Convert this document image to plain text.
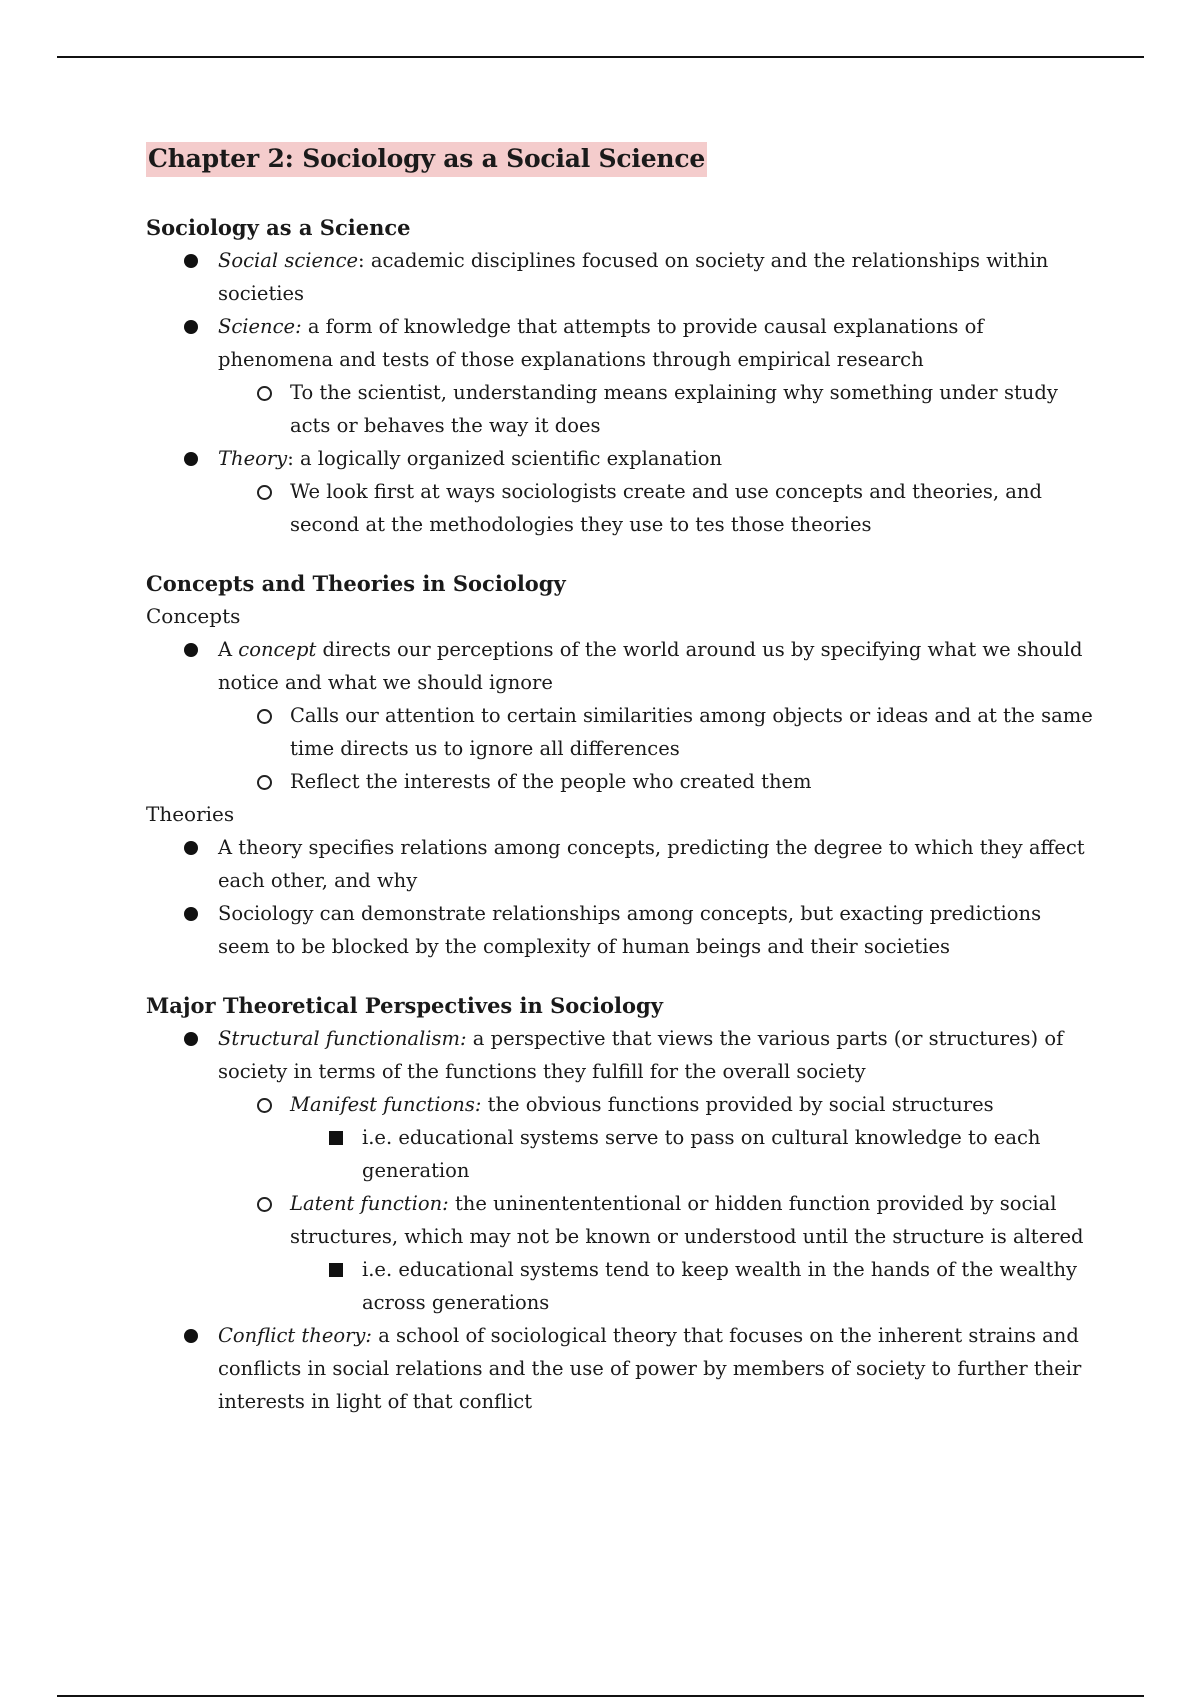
Chapter 2: Sociology as a Social Science
Sociology as a Science
Social science: academic disciplines focused on society and the relationships within societies
Science: a form of knowledge that attempts to provide causal explanations of phenomena and tests of those explanations through empirical research
To the scientist, understanding means explaining why something under study acts or behaves the way it does
Theory: a logically organized scientific explanation
We look first at ways sociologists create and use concepts and theories, and second at the methodologies they use to tes those theories
Concepts and Theories in Sociology
Concepts
A concept directs our perceptions of the world around us by specifying what we should notice and what we should ignore
Calls our attention to certain similarities among objects or ideas and at the same time directs us to ignore all differences
Reflect the interests of the people who created them
Theories
A theory specifies relations among concepts, predicting the degree to which they affect each other, and why
Sociology can demonstrate relationships among concepts, but exacting predictions seem to be blocked by the complexity of human beings and their societies
Major Theoretical Perspectives in Sociology
Structural functionalism: a perspective that views the various parts (or structures) of society in terms of the functions they fulfill for the overall society
Manifest functions: the obvious functions provided by social structures
i.e. educational systems serve to pass on cultural knowledge to each generation
Latent function: the uninentententional or hidden function provided by social structures, which may not be known or understood until the structure is altered
i.e. educational systems tend to keep wealth in the hands of the wealthy across generations
Conflict theory: a school of sociological theory that focuses on the inherent strains and conflicts in social relations and the use of power by members of society to further their interests in light of that conflict
